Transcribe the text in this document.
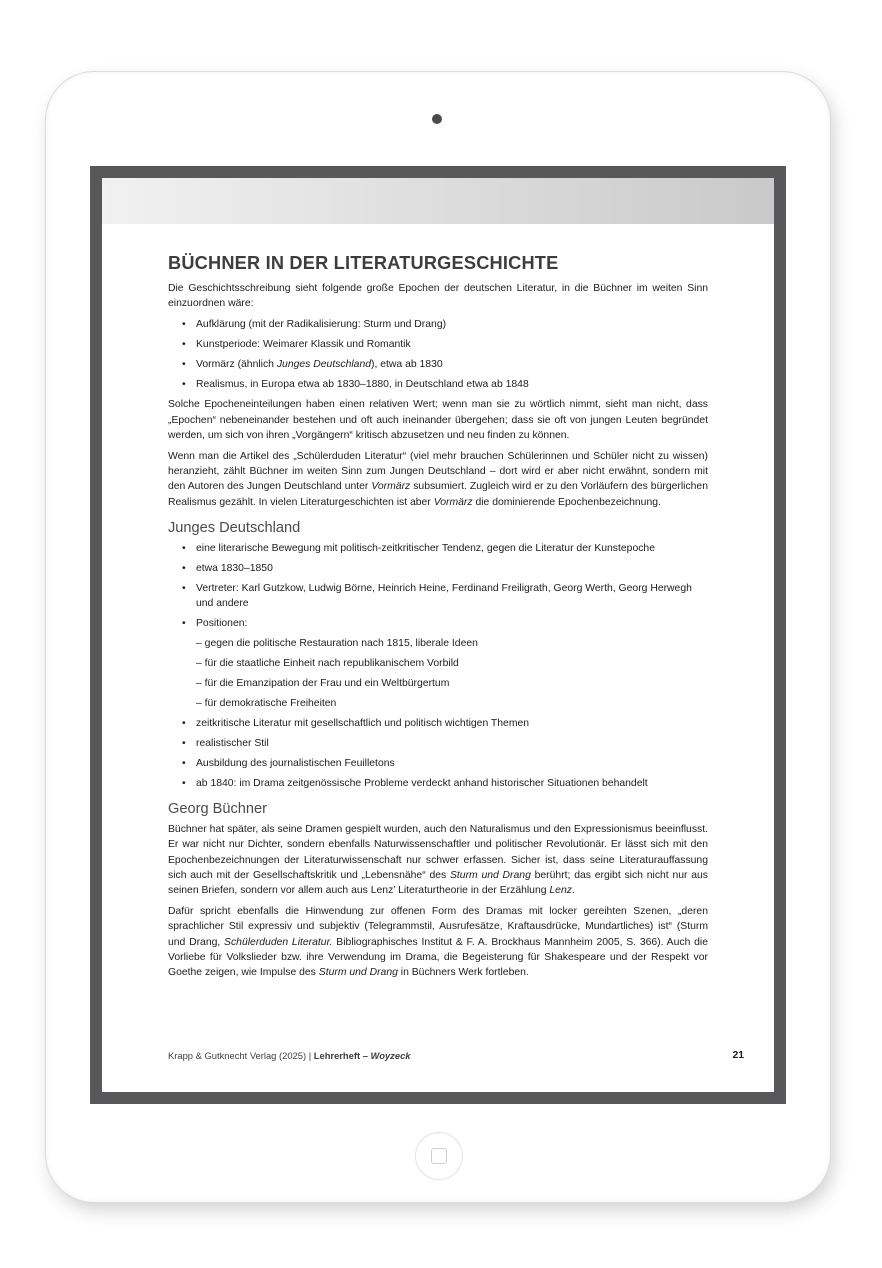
BÜCHNER IN DER LITERATURGESCHICHTE

Die Geschichtsschreibung sieht folgende große Epochen der deutschen Literatur, in die Büchner im weiten Sinn einzuordnen wäre:

• Aufklärung (mit der Radikalisierung: Sturm und Drang)
• Kunstperiode: Weimarer Klassik und Romantik
• Vormärz (ähnlich Junges Deutschland), etwa ab 1830
• Realismus, in Europa etwa ab 1830–1880, in Deutschland etwa ab 1848

Solche Epocheneinteilungen haben einen relativen Wert; wenn man sie zu wörtlich nimmt, sieht man nicht, dass „Epochen“ nebeneinander bestehen und oft auch ineinander übergehen; dass sie oft von jungen Leuten begründet werden, um sich von ihren „Vorgängern“ kritisch abzusetzen und neu finden zu können.

Wenn man die Artikel des „Schülerduden Literatur“ (viel mehr brauchen Schülerinnen und Schüler nicht zu wissen) heranzieht, zählt Büchner im weiten Sinn zum Jungen Deutschland – dort wird er aber nicht erwähnt, sondern mit den Autoren des Jungen Deutschland unter Vormärz subsumiert. Zugleich wird er zu den Vorläufern des bürgerlichen Realismus gezählt. In vielen Literaturgeschichten ist aber Vormärz die dominierende Epochenbezeichnung.

Junges Deutschland
• eine literarische Bewegung mit politisch-zeitkritischer Tendenz, gegen die Literatur der Kunstepoche
• etwa 1830–1850
• Vertreter: Karl Gutzkow, Ludwig Börne, Heinrich Heine, Ferdinand Freiligrath, Georg Werth, Georg Herwegh und andere
• Positionen:
– gegen die politische Restauration nach 1815, liberale Ideen
– für die staatliche Einheit nach republikanischem Vorbild
– für die Emanzipation der Frau und ein Weltbürgertum
– für demokratische Freiheiten
• zeitkritische Literatur mit gesellschaftlich und politisch wichtigen Themen
• realistischer Stil
• Ausbildung des journalistischen Feuilletons
• ab 1840: im Drama zeitgenössische Probleme verdeckt anhand historischer Situationen behandelt
Georg Büchner

Büchner hat später, als seine Dramen gespielt wurden, auch den Naturalismus und den Expressionismus beeinflusst. Er war nicht nur Dichter, sondern ebenfalls Naturwissenschaftler und politischer Revolutionär. Er lässt sich mit den Epochenbezeichnungen der Literaturwissenschaft nur schwer erfassen. Sicher ist, dass seine Literaturauffassung sich auch mit der Gesellschaftskritik und „Lebensnähe“ des Sturm und Drang berührt; das ergibt sich nicht nur aus seinen Briefen, sondern vor allem auch aus Lenz’ Literaturtheorie in der Erzählung Lenz.

Dafür spricht ebenfalls die Hinwendung zur offenen Form des Dramas mit locker gereihten Szenen, „deren sprachlicher Stil expressiv und subjektiv (Telegrammstil, Ausrufesätze, Kraftausdrücke, Mundartliches) ist“ (Sturm und Drang, Schülerduden Literatur. Bibliographisches Institut & F. A. Brockhaus Mannheim 2005, S. 366). Auch die Vorliebe für Volkslieder bzw. ihre Verwendung im Drama, die Begeisterung für Shakespeare und der Respekt vor Goethe zeigen, wie Impulse des Sturm und Drang in Büchners Werk fortleben.

Krapp & Gutknecht Verlag (2025) | Lehrerheft – Woyzeck	21
